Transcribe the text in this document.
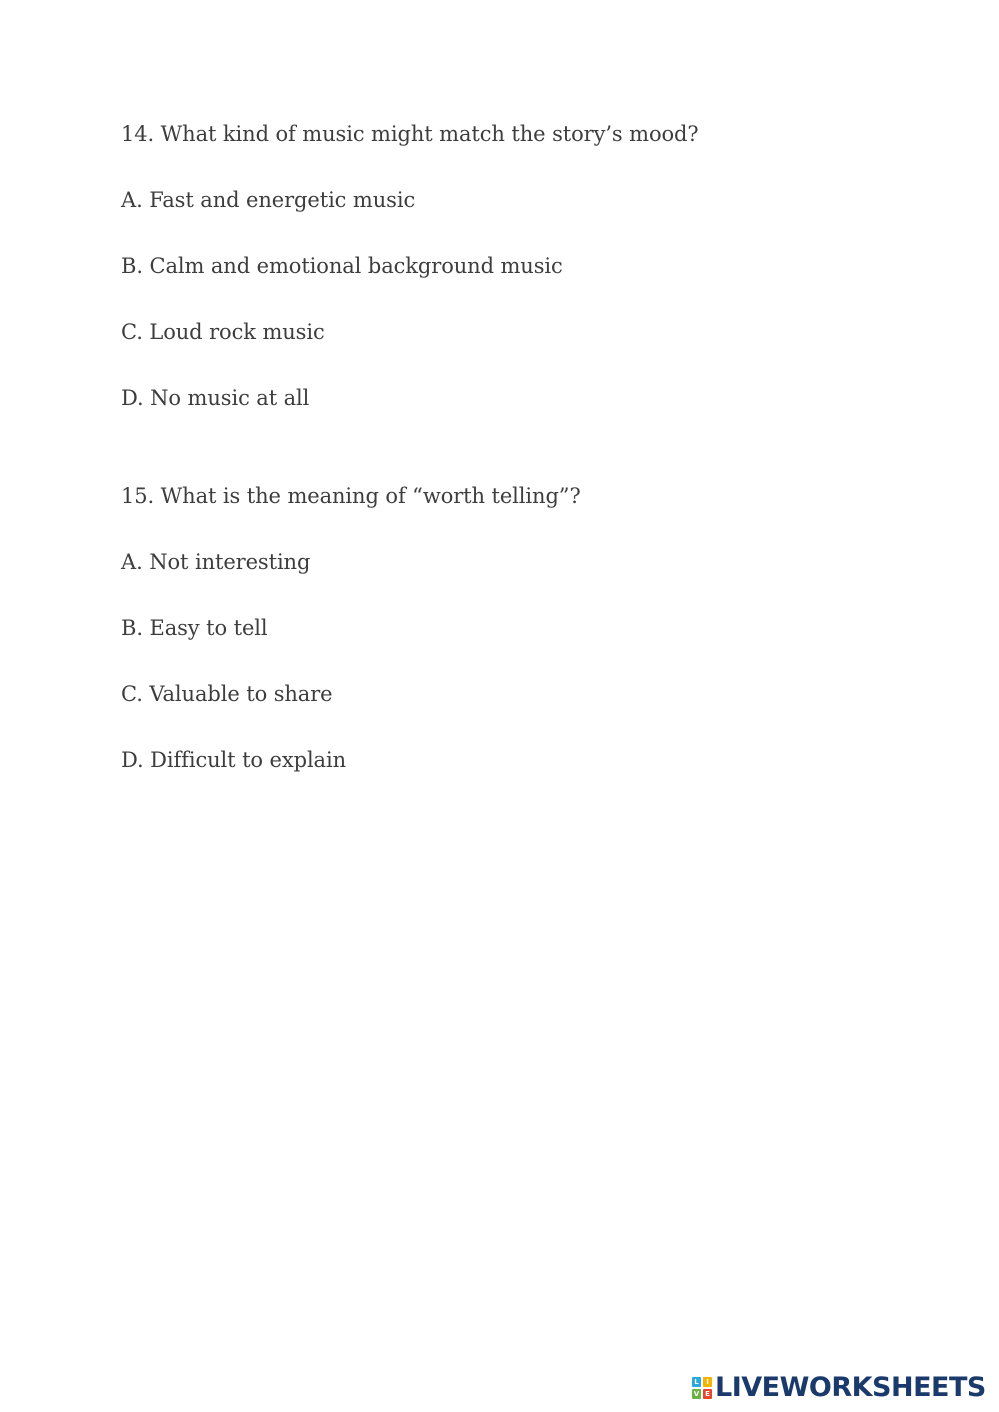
14. What kind of music might match the story’s mood?
A. Fast and energetic music
B. Calm and emotional background music
C. Loud rock music
D. No music at all
15. What is the meaning of “worth telling”?
A. Not interesting
B. Easy to tell
C. Valuable to share
D. Difficult to explain
L	I
V E LIVEWORKSHEETS
